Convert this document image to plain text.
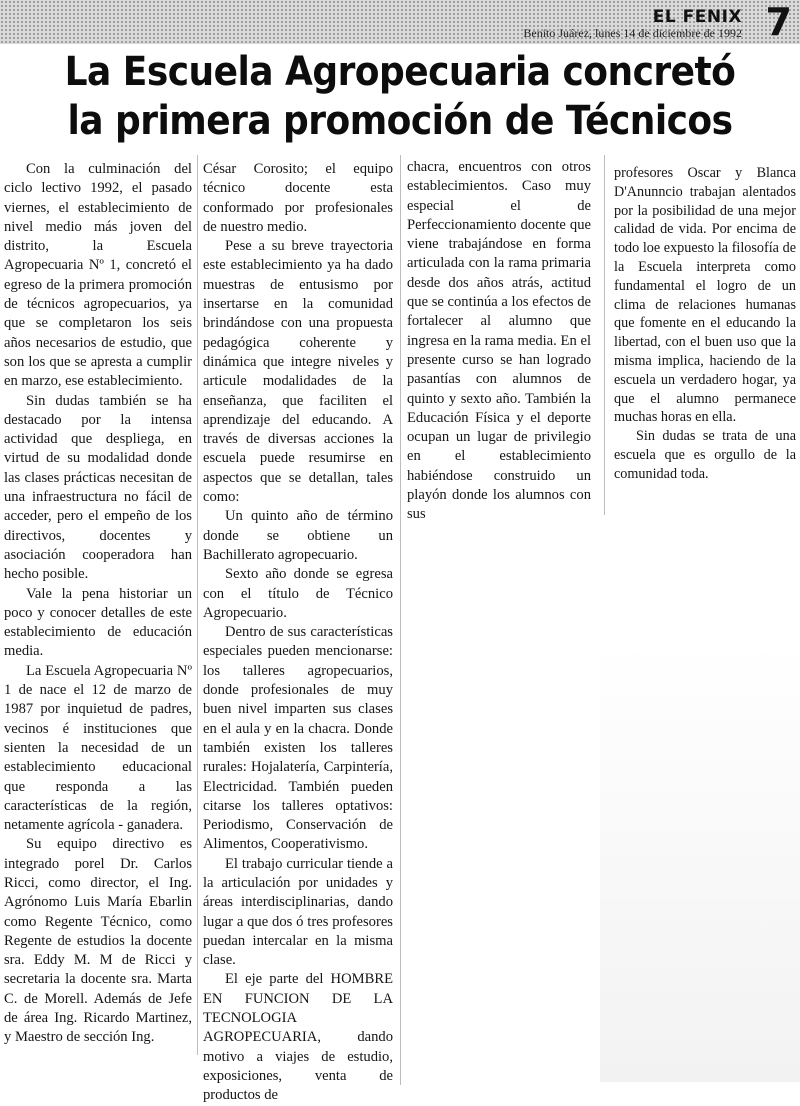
EL FENIX 7
Benito Juárez, lunes 14 de diciembre de 1992
La Escuela Agropecuaria concretó
la primera promoción de Técnicos

Con la culminación del ciclo lectivo 1992, el pasado viernes, el establecimiento de nivel medio más joven del distrito, la Escuela Agropecuaria Nº 1, concretó el egreso de la primera promoción de técnicos agropecuarios, ya que se completaron los seis años necesarios de estudio, que son los que se apresta a cumplir en marzo, ese establecimiento.

Sin dudas también se ha destacado por la intensa actividad que despliega, en virtud de su modalidad donde las clases prácticas necesitan de una infraestructura no fácil de acceder, pero el empeño de los directivos, docentes y asociación cooperadora han hecho posible.

Vale la pena historiar un poco y conocer detalles de este establecimiento de educación media.

La Escuela Agropecuaria Nº 1 de nace el 12 de marzo de 1987 por inquietud de padres, vecinos é instituciones que sienten la necesidad de un establecimiento educacional que responda a las características de la región, netamente agrícola - ganadera.

Su equipo directivo es integrado porel Dr. Carlos Ricci, como director, el Ing. Agrónomo Luis María Ebarlin como Regente Técnico, como Regente de estudios la docente sra. Eddy M. M de Ricci y secretaria la docente sra. Marta C. de Morell. Además de Jefe de área Ing. Ricardo Martinez, y Maestro de sección Ing.

César Corosito; el equipo técnico docente esta conformado por profesionales de nuestro medio.

Pese a su breve trayectoria este establecimiento ya ha dado muestras de entusismo por insertarse en la comunidad brindándose con una propuesta pedagógica coherente y dinámica que integre niveles y articule modalidades de la enseñanza, que faciliten el aprendizaje del educando. A través de diversas acciones la escuela puede resumirse en aspectos que se detallan, tales como:

Un quinto año de término donde se obtiene un Bachillerato agropecuario.

Sexto año donde se egresa con el título de Técnico Agropecuario.

Dentro de sus características especiales pueden mencionarse: los talleres agropecuarios, donde profesionales de muy buen nivel imparten sus clases en el aula y en la chacra. Donde también existen los talleres rurales: Hojalatería, Carpintería, Electricidad. También pueden citarse los talleres optativos: Periodismo, Conservación de Alimentos, Cooperativismo.

El trabajo curricular tiende a la articulación por unidades y áreas interdisciplinarias, dando lugar a que dos ó tres profesores puedan intercalar en la misma clase.

El eje parte del HOMBRE EN FUNCION DE LA TECNOLOGIA AGROPECUARIA, dando motivo a viajes de estudio, exposiciones, venta de productos de

chacra, encuentros con otros establecimientos. Caso muy especial el de Perfeccionamiento docente que viene trabajándose en forma articulada con la rama primaria desde dos años atrás, actitud que se continúa a los efectos de fortalecer al alumno que ingresa en la rama media. En el presente curso se han logrado pasantías con alumnos de quinto y sexto año. También la Educación Física y el deporte ocupan un lugar de privilegio en el establecimiento habiéndose construido un playón donde los alumnos con sus

profesores Oscar y Blanca D'Anunncio trabajan alentados por la posibilidad de una mejor calidad de vida. Por encima de todo loe expuesto la filosofía de la Escuela interpreta como fundamental el logro de un clima de relaciones humanas que fomente en el educando la libertad, con el buen uso que la misma implica, haciendo de la escuela un verdadero hogar, ya que el alumno permanece muchas horas en ella.

Sin dudas se trata de una escuela que es orgullo de la comunidad toda.
